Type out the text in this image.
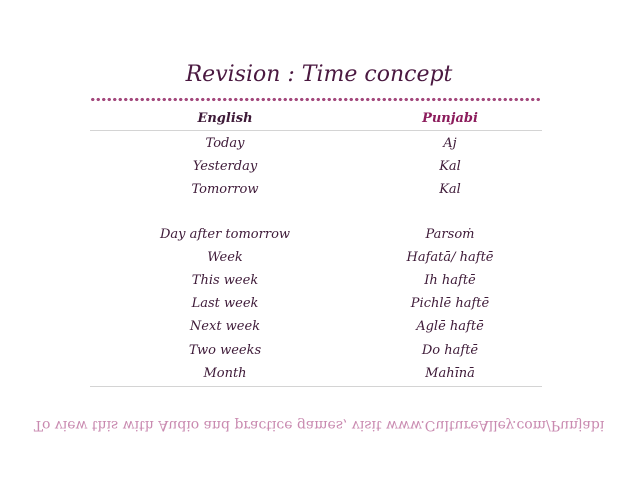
Revision : Time concept
English	Punjabi
Today	Aj
Yesterday	Kal
Tomorrow	Kal
Day after tomorrow	Parsoṁ
Week	Hafatā/ haftē
This week	Ih haftē
Last week	Pichlē haftē
Next week	Aglē haftē
Two weeks	Do haftē
Month	Mahīnā
To view this with Audio and practice games, visit www.CultureAlley.com/Punjabi
